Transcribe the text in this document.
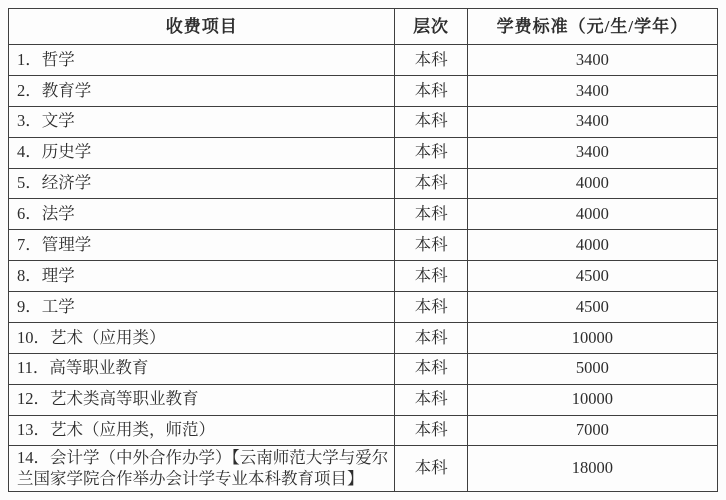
收费项目	层次	学费标准（元/生/学年）
1．哲学	本科	3400
2．教育学	本科	3400
3．文学	本科	3400
4．历史学	本科	3400
5．经济学	本科	4000
6．法学	本科	4000
7．管理学	本科	4000
8．理学	本科	4500
9．工学	本科	4500
10．艺术（应用类）	本科	10000
11．高等职业教育	本科	5000
12．艺术类高等职业教育	本科	10000
13．艺术（应用类，师范）	本科	7000
14．会计学（中外合作办学）【云南师范大学与爱尔兰国家学院合作举办会计学专业本科教育项目】	本科	18000
